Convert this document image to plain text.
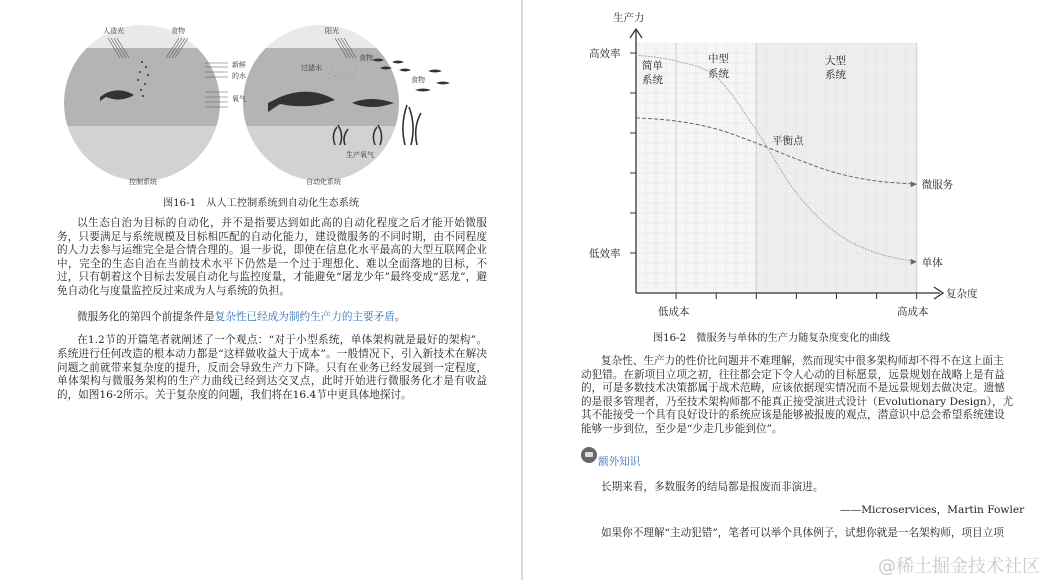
人造光	食物
新鲜
的水
氧气
阳光
食物
过滤水
食物
生产氧气
控制系统	自动化系统
图16-1　从人工控制系统到自动化生态系统
以生态自治为目标的自动化，并不是指要达到如此高的自动化程度之后才能开始微服
务，只要满足与系统规模及目标相匹配的自动化能力，建设微服务的不同时期，由不同程度
的人力去参与运维完全是合情合理的。退一步说，即使在信息化水平最高的大型互联网企业
中，完全的生态自治在当前技术水平下仍然是一个过于理想化、难以全面落地的目标，不
过，只有朝着这个目标去发展自动化与监控度量，才能避免“屠龙少年”最终变成“恶龙”，避
免自动化与度量监控反过来成为人与系统的负担。
微服务化的第四个前提条件是复杂性已经成为制约生产力的主要矛盾。
在1.2节的开篇笔者就阐述了一个观点：“对于小型系统，单体架构就是最好的架构”。
系统进行任何改造的根本动力都是“这样做收益大于成本”。一般情况下，引入新技术在解决
问题之前就带来复杂度的提升，反而会导致生产力下降。只有在业务已经发展到一定程度，
单体架构与微服务架构的生产力曲线已经到达交叉点，此时开始进行微服务化才是有收益
的，如图16-2所示。关于复杂度的问题，我们将在16.4节中更具体地探讨。
生产力
复杂度
高效率
低效率
低成本	高成本
简单
系统
中型
系统
大型
系统
平衡点
微服务
单体
图16-2　微服务与单体的生产力随复杂度变化的曲线
复杂性、生产力的性价比问题并不难理解，然而现实中很多架构师却不得不在这上面主
动犯错。在新项目立项之初，往往都会定下令人心动的目标愿景，远景规划在战略上是有益
的，可是多数技术决策都属于战术范畴，应该依据现实情况而不是远景规划去做决定。遗憾
的是很多管理者，乃至技术架构师都不能真正接受演进式设计（Evolutionary Design），尤
其不能接受一个具有良好设计的系统应该是能够被报废的观点，潜意识中总会希望系统建设
能够一步到位，至少是“少走几步能到位”。
额外知识
长期来看，多数服务的结局都是报废而非演进。
——Microservices，Martin Fowler
如果你不理解“主动犯错”，笔者可以举个具体例子，试想你就是一名架构师，项目立项
@稀土掘金技术社区
